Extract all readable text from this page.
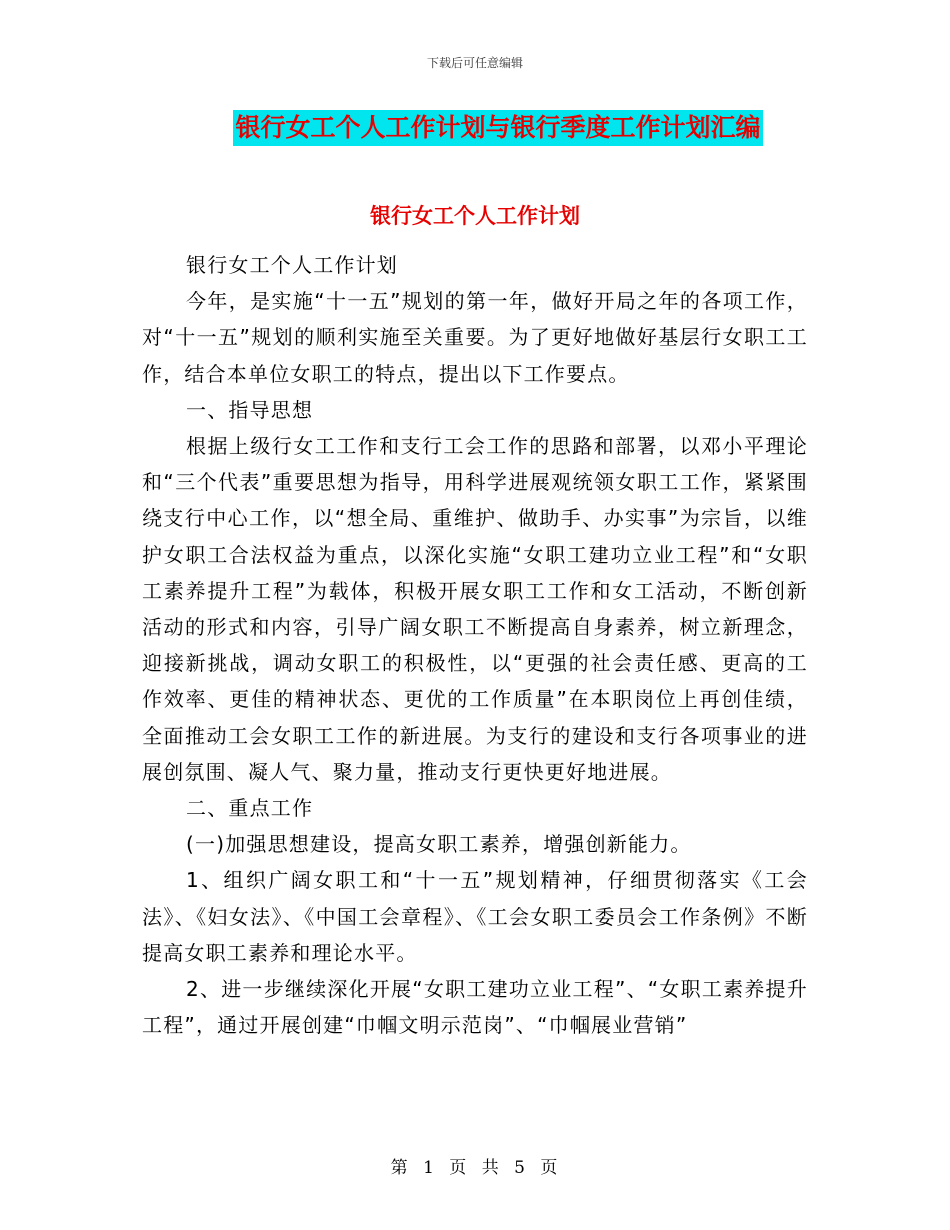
下载后可任意编辑
银行女工个人工作计划与银行季度工作计划汇编
银行女工个人工作计划

银行女工个人工作计划

今年，是实施“十一五”规划的第一年，做好开局之年的各项工作，对“十一五”规划的顺利实施至关重要。为了更好地做好基层行女职工工作，结合本单位女职工的特点，提出以下工作要点。

一、指导思想

根据上级行女工工作和支行工会工作的思路和部署，以邓小平理论和“三个代表”重要思想为指导，用科学进展观统领女职工工作，紧紧围绕支行中心工作，以“想全局、重维护、做助手、办实事”为宗旨，以维护女职工合法权益为重点，以深化实施“女职工建功立业工程”和“女职工素养提升工程”为载体，积极开展女职工工作和女工活动，不断创新活动的形式和内容，引导广阔女职工不断提高自身素养，树立新理念，迎接新挑战，调动女职工的积极性，以“更强的社会责任感、更高的工作效率、更佳的精神状态、更优的工作质量”在本职岗位上再创佳绩，全面推动工会女职工工作的新进展。为支行的建设和支行各项事业的进展创氛围、凝人气、聚力量，推动支行更快更好地进展。

二、重点工作

(一)加强思想建设，提高女职工素养，增强创新能力。

1、组织广阔女职工和“十一五”规划精神，仔细贯彻落实《工会法》、《妇女法》、《中国工会章程》、《工会女职工委员会工作条例》不断提高女职工素养和理论水平。

2、进一步继续深化开展“女职工建功立业工程”、“女职工素养提升工程”，通过开展创建“巾帼文明示范岗”、“巾帼展业营销”

第 1 页 共 5 页
